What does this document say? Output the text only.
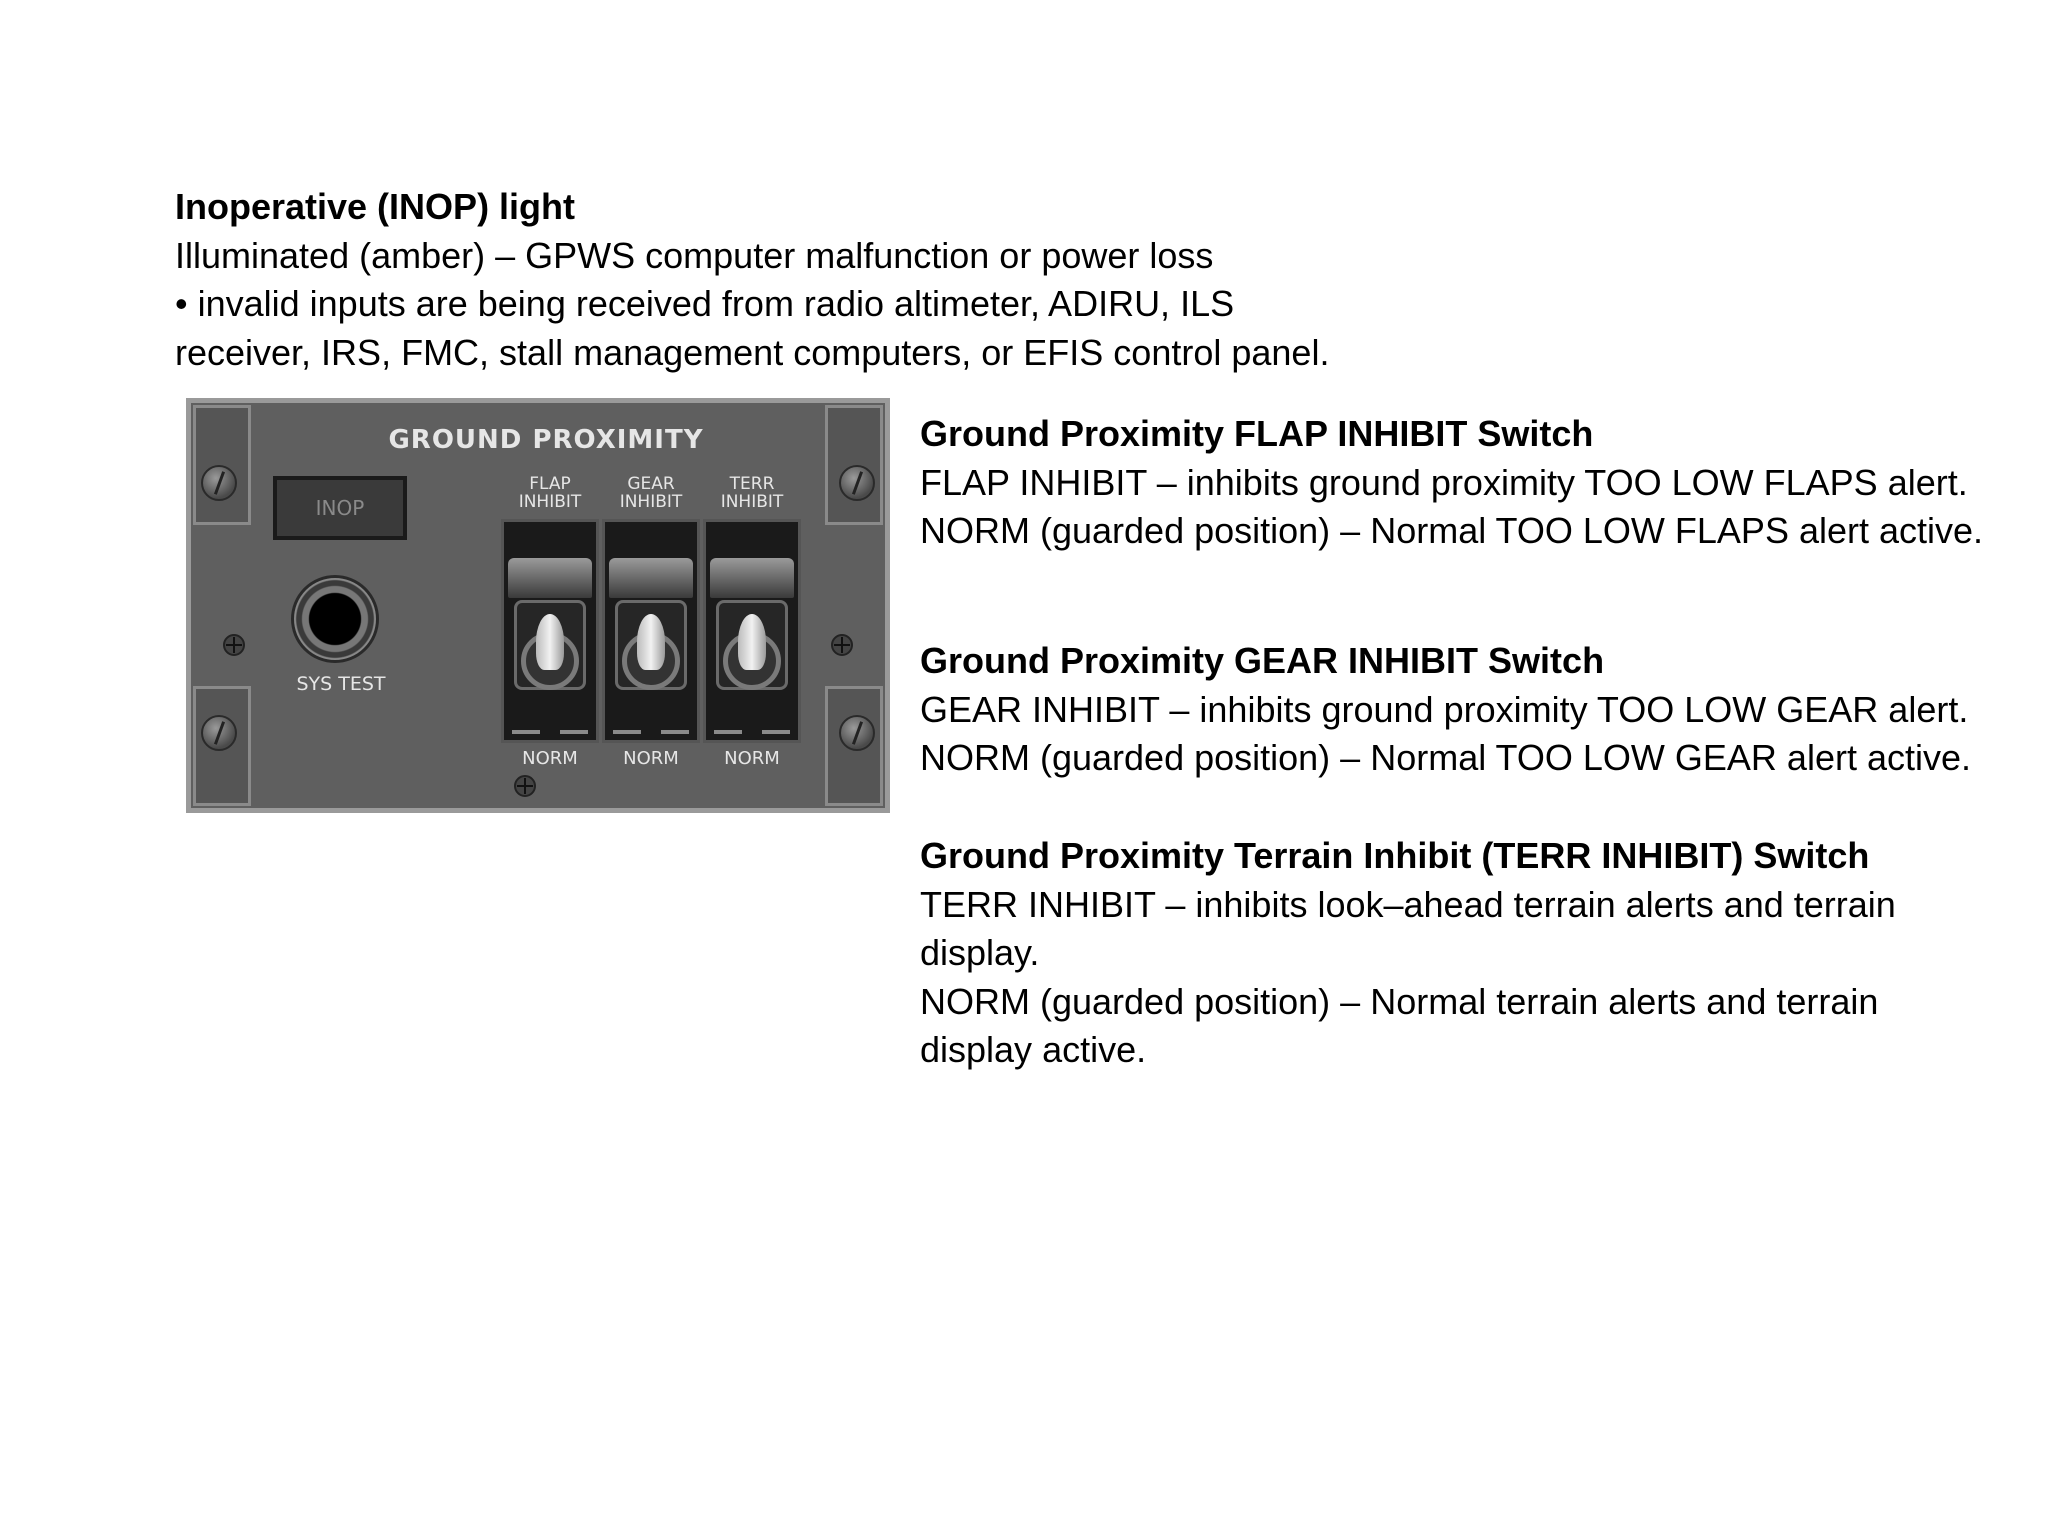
Inoperative (INOP) light
Illuminated (amber) – GPWS computer malfunction or power loss
• invalid inputs are being received from radio altimeter, ADIRU, ILS
receiver, IRS, FMC, stall management computers, or EFIS control panel.
GROUND PROXIMITY
INOP
SYS TEST
FLAP
INHIBIT
NORM
GEAR
INHIBIT
NORM
TERR
INHIBIT
NORM
Ground Proximity FLAP INHIBIT Switch
FLAP INHIBIT – inhibits ground proximity TOO LOW FLAPS alert.
NORM (guarded position) – Normal TOO LOW FLAPS alert active.
Ground Proximity GEAR INHIBIT Switch
GEAR INHIBIT – inhibits ground proximity TOO LOW GEAR alert.
NORM (guarded position) – Normal TOO LOW GEAR alert active.
Ground Proximity Terrain Inhibit (TERR INHIBIT) Switch
TERR INHIBIT – inhibits look–ahead terrain alerts and terrain
display.
NORM (guarded position) – Normal terrain alerts and terrain
display active.
